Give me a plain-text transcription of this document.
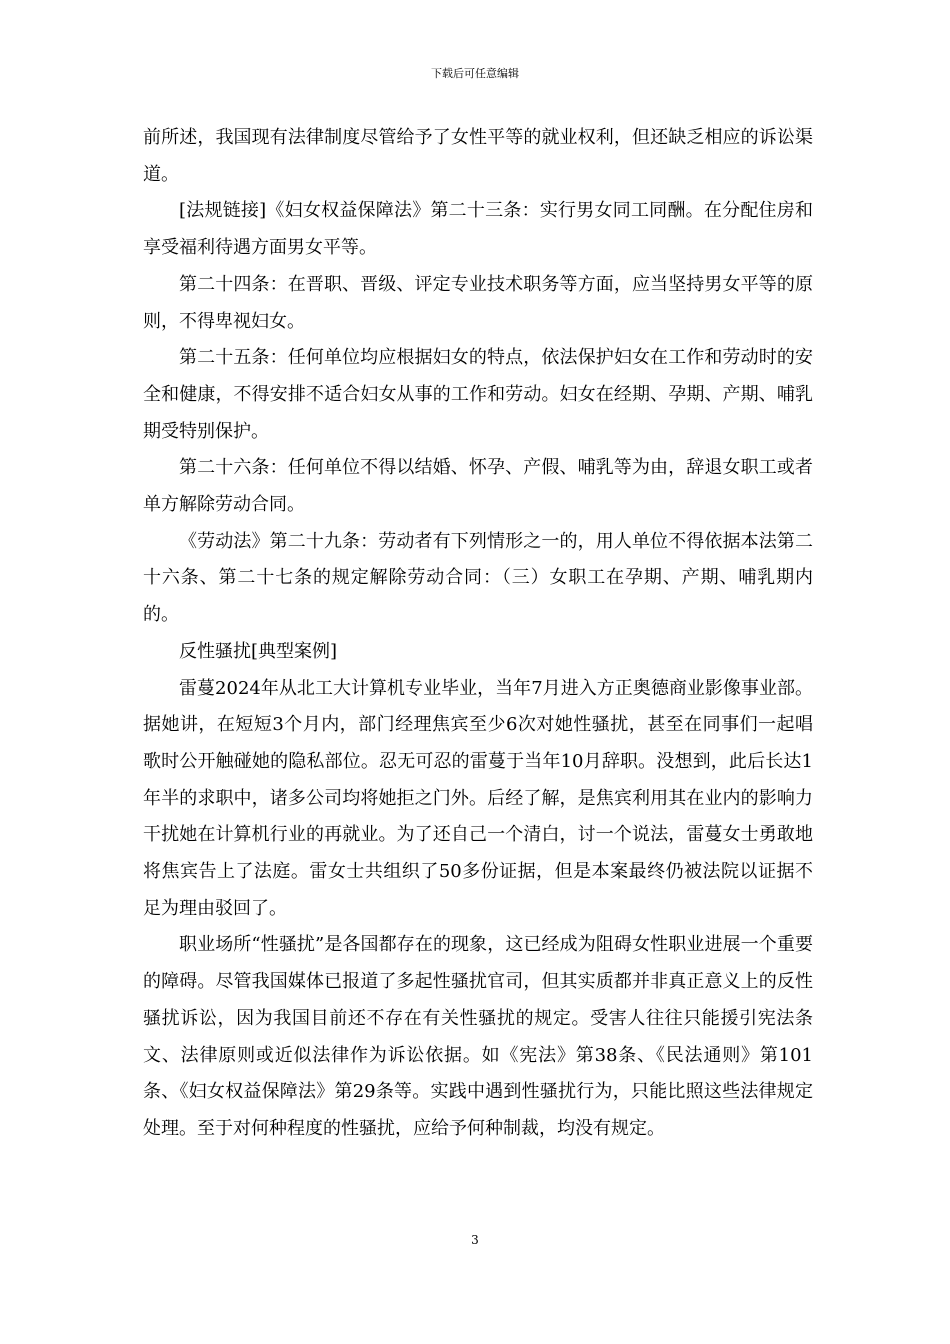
下载后可任意编辑

前所述，我国现有法律制度尽管给予了女性平等的就业权利，但还缺乏相应的诉讼渠道。

[法规链接]《妇女权益保障法》第二十三条：实行男女同工同酬。在分配住房和享受福利待遇方面男女平等。

第二十四条：在晋职、晋级、评定专业技术职务等方面，应当坚持男女平等的原则，不得卑视妇女。

第二十五条：任何单位均应根据妇女的特点，依法保护妇女在工作和劳动时的安全和健康，不得安排不适合妇女从事的工作和劳动。妇女在经期、孕期、产期、哺乳期受特别保护。

第二十六条：任何单位不得以结婚、怀孕、产假、哺乳等为由，辞退女职工或者单方解除劳动合同。

《劳动法》第二十九条：劳动者有下列情形之一的，用人单位不得依据本法第二十六条、第二十七条的规定解除劳动合同：（三）女职工在孕期、产期、哺乳期内的。

反性骚扰[典型案例]

雷蔓2024年从北工大计算机专业毕业，当年7月进入方正奥德商业影像事业部。据她讲，在短短3个月内，部门经理焦宾至少6次对她性骚扰，甚至在同事们一起唱歌时公开触碰她的隐私部位。忍无可忍的雷蔓于当年10月辞职。没想到，此后长达1年半的求职中，诸多公司均将她拒之门外。后经了解，是焦宾利用其在业内的影响力干扰她在计算机行业的再就业。为了还自己一个清白，讨一个说法，雷蔓女士勇敢地将焦宾告上了法庭。雷女士共组织了50多份证据，但是本案最终仍被法院以证据不足为理由驳回了。

职业场所“性骚扰”是各国都存在的现象，这已经成为阻碍女性职业进展一个重要的障碍。尽管我国媒体已报道了多起性骚扰官司，但其实质都并非真正意义上的反性骚扰诉讼，因为我国目前还不存在有关性骚扰的规定。受害人往往只能援引宪法条文、法律原则或近似法律作为诉讼依据。如《宪法》第38条、《民法通则》第101条、《妇女权益保障法》第29条等。实践中遇到性骚扰行为，只能比照这些法律规定处理。至于对何种程度的性骚扰，应给予何种制裁，均没有规定。

3
